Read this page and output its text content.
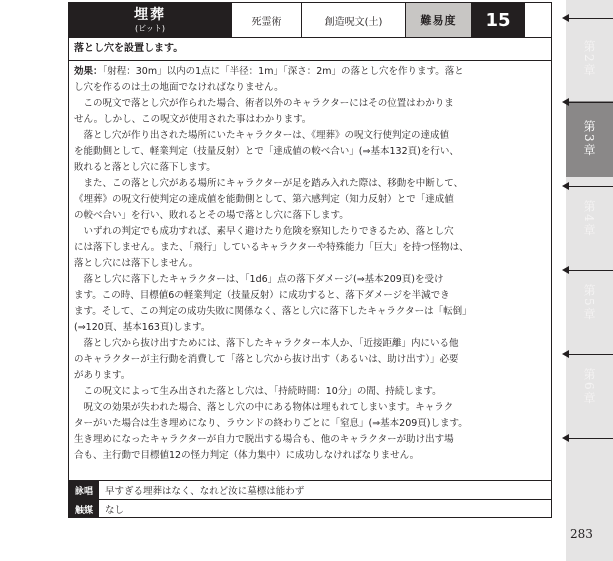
埋葬
(ビット)
死霊術	創造呪文(土)	難易度	15
落とし穴を設置します。
効果：「射程：30m」以内の1点に「半径：1m」「深さ：2m」の落とし穴を作ります。落と
し穴を作るのは土の地面でなければなりません。
　この呪文で落とし穴が作られた場合、術者以外のキャラクターにはその位置はわかりま
せん。しかし、この呪文が使用された事はわかります。
　落とし穴が作り出された場所にいたキャラクターは、《埋葬》の呪文行使判定の達成値
を能動側として、軽業判定（技量反射）とで「達成値の較べ合い」(⇒基本132頁)を行い、
敗れると落とし穴に落下します。
　また、この落とし穴がある場所にキャラクターが足を踏み入れた際は、移動を中断して、
《埋葬》の呪文行使判定の達成値を能動側として、第六感判定（知力反射）とで「達成値
の較べ合い」を行い、敗れるとその場で落とし穴に落下します。
　いずれの判定でも成功すれば、素早く避けたり危険を察知したりできるため、落とし穴
には落下しません。また、「飛行」しているキャラクターや特殊能力「巨大」を持つ怪物は、
落とし穴には落下しません。
　落とし穴に落下したキャラクターは、「1d6」点の落下ダメージ(⇒基本209頁)を受け
ます。この時、目標値6の軽業判定（技量反射）に成功すると、落下ダメージを半減でき
ます。そして、この判定の成功失敗に関係なく、落とし穴に落下したキャラクターは「転倒」
(⇒120頁、基本163頁)します。
　落とし穴から抜け出すためには、落下したキャラクター本人か、「近接距離」内にいる他
のキャラクターが主行動を消費して「落とし穴から抜け出す（あるいは、助け出す）」必要
があります。
　この呪文によって生み出された落とし穴は、「持続時間：10分」の間、持続します。
　呪文の効果が失われた場合、落とし穴の中にある物体は埋もれてしまいます。キャラク
ターがいた場合は生き埋めになり、ラウンドの終わりごとに「窒息」(⇒基本209頁)します。
生き埋めになったキャラクターが自力で脱出する場合も、他のキャラクターが助け出す場
合も、主行動で目標値12の怪力判定（体力集中）に成功しなければなりません。
詠唱	早すぎる埋葬はなく、なれど汝に墓標は能わず
触媒	なし
第2章
第3章
第4章
第5章
第6章
283
